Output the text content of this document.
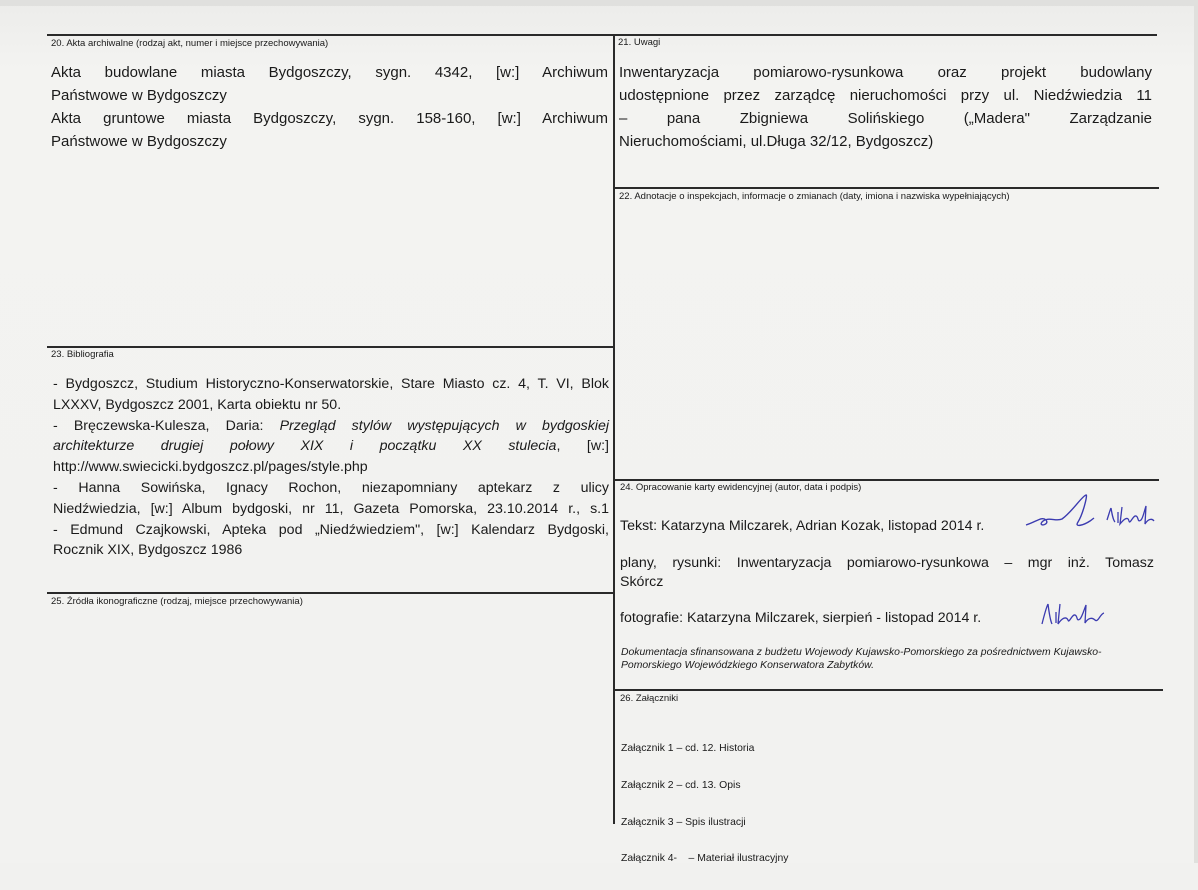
20. Akta archiwalne (rodzaj akt, numer i miejsce przechowywania)
Akta budowlane miasta Bydgoszczy, sygn. 4342, [w:] Archiwum
Państwowe w Bydgoszczy
Akta gruntowe miasta Bydgoszczy, sygn. 158-160, [w:] Archiwum
Państwowe w Bydgoszczy
21. Uwagi
Inwentaryzacja pomiarowo-rysunkowa oraz projekt budowlany
udostępnione przez zarządcę nieruchomości przy ul. Niedźwiedzia 11
– pana Zbigniewa Solińskiego („Madera" Zarządzanie
Nieruchomościami, ul.Długa 32/12, Bydgoszcz)
22. Adnotacje o inspekcjach, informacje o zmianach (daty, imiona i nazwiska wypełniających)
23. Bibliografia
- Bydgoszcz, Studium Historyczno-Konserwatorskie, Stare Miasto cz. 4, T. VI, Blok
LXXXV, Bydgoszcz 2001, Karta obiektu nr 50.
- Bręczewska-Kulesza, Daria: Przegląd stylów występujących w bydgoskiej
architekturze drugiej połowy XIX i początku XX stulecia, [w:]
http://www.swiecicki.bydgoszcz.pl/pages/style.php
- Hanna Sowińska, Ignacy Rochon, niezapomniany aptekarz z ulicy
Niedźwiedzia, [w:] Album bydgoski, nr 11, Gazeta Pomorska, 23.10.2014 r., s.1
- Edmund Czajkowski, Apteka pod „Niedźwiedziem", [w:] Kalendarz Bydgoski,
Rocznik XIX, Bydgoszcz 1986
24. Opracowanie karty ewidencyjnej (autor, data i podpis)
Tekst: Katarzyna Milczarek, Adrian Kozak, listopad 2014 r.
plany, rysunki: Inwentaryzacja pomiarowo-rysunkowa – mgr inż. Tomasz
Skórcz
fotografie: Katarzyna Milczarek, sierpień - listopad 2014 r.
Dokumentacja sfinansowana z budżetu Wojewody Kujawsko-Pomorskiego za pośrednictwem Kujawsko-
Pomorskiego Wojewódzkiego Konserwatora Zabytków.
25. Źródła ikonograficzne (rodzaj, miejsce przechowywania)
26. Załączniki

Załącznik 1 – cd. 12. Historia

Załącznik 2 – cd. 13. Opis

Załącznik 3 – Spis ilustracji

Załącznik 4-    – Materiał ilustracyjny
